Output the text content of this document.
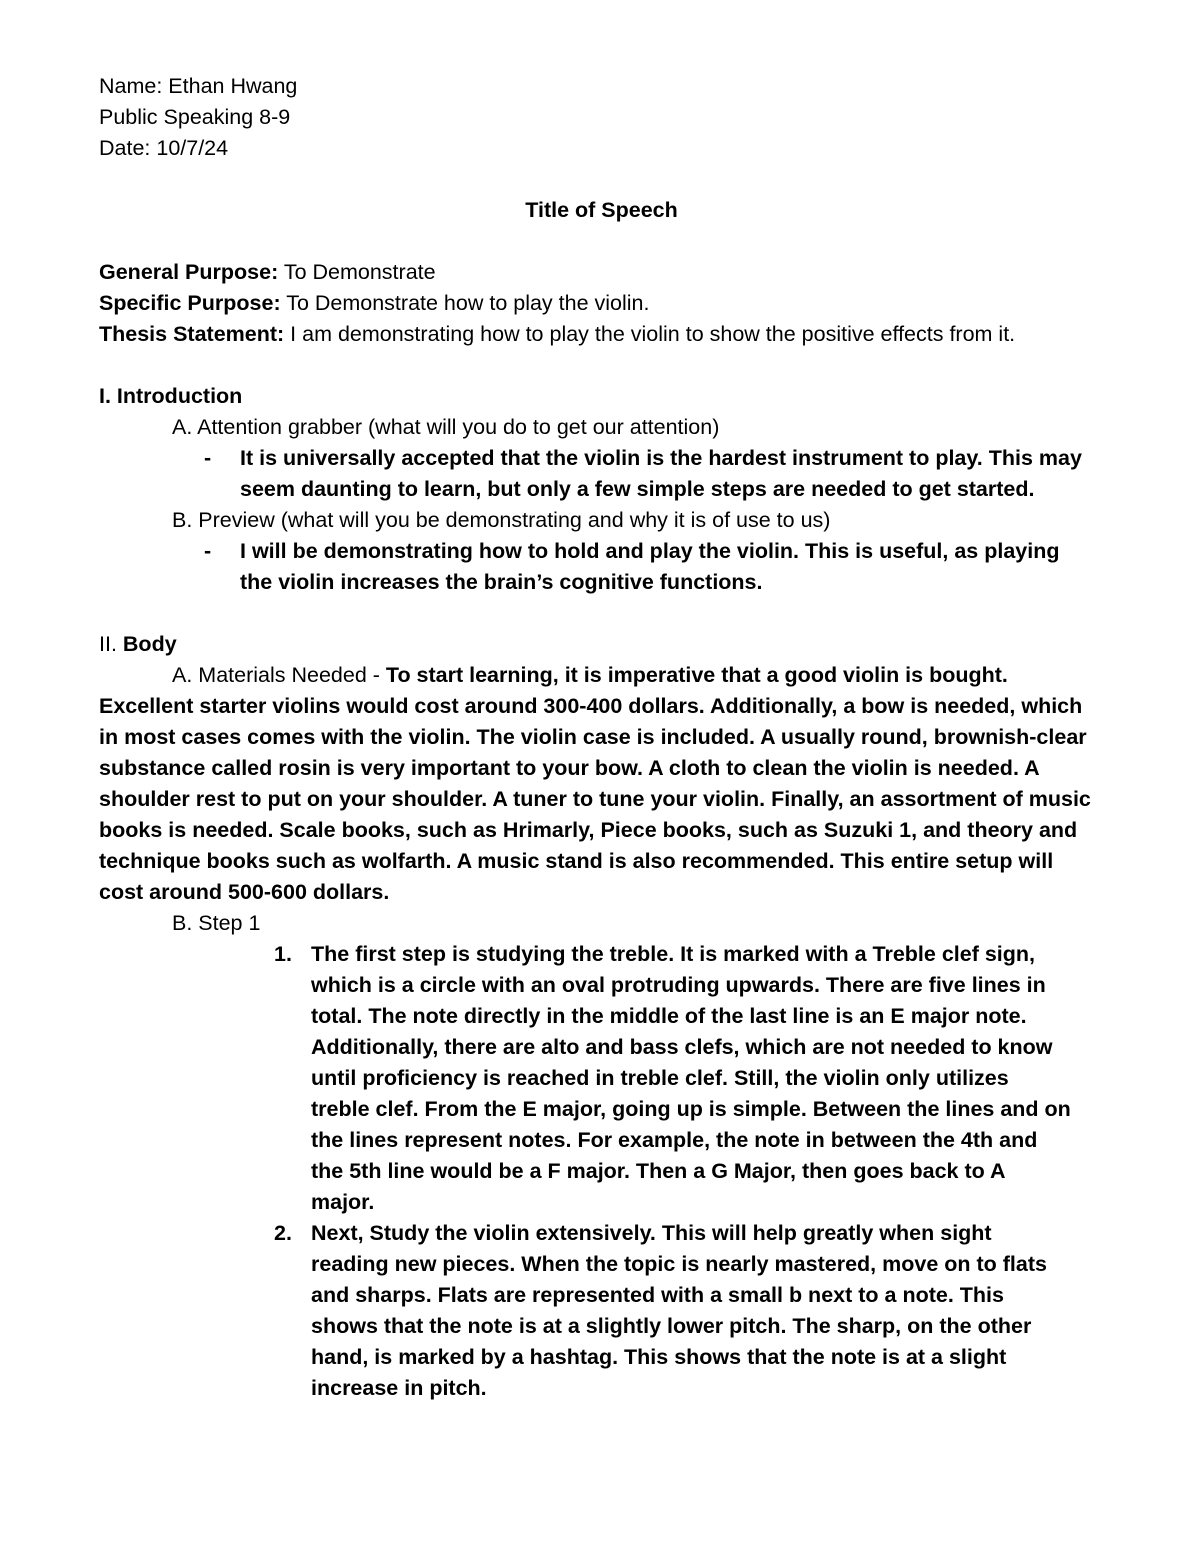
Name: Ethan Hwang
Public Speaking 8-9
Date: 10/7/24
Title of Speech
General Purpose: To Demonstrate
Specific Purpose: To Demonstrate how to play the violin.
Thesis Statement: I am demonstrating how to play the violin to show the positive effects from it.
I. Introduction
A. Attention grabber (what will you do to get our attention)
- It is universally accepted that the violin is the hardest instrument to play. This may seem daunting to learn, but only a few simple steps are needed to get started.
B. Preview (what will you be demonstrating and why it is of use to us)
- I will be demonstrating how to hold and play the violin. This is useful, as playing the violin increases the brain’s cognitive functions.
II. Body
A. Materials Needed - To start learning, it is imperative that a good violin is bought. Excellent starter violins would cost around 300-400 dollars. Additionally, a bow is needed, which in most cases comes with the violin. The violin case is included. A usually round, brownish-clear substance called rosin is very important to your bow. A cloth to clean the violin is needed. A shoulder rest to put on your shoulder. A tuner to tune your violin. Finally, an assortment of music books is needed. Scale books, such as Hrimarly, Piece books, such as Suzuki 1, and theory and technique books such as wolfarth. A music stand is also recommended. This entire setup will cost around 500-600 dollars.
B. Step 1
1. The first step is studying the treble. It is marked with a Treble clef sign, which is a circle with an oval protruding upwards. There are five lines in total. The note directly in the middle of the last line is an E major note. Additionally, there are alto and bass clefs, which are not needed to know until proficiency is reached in treble clef. Still, the violin only utilizes treble clef. From the E major, going up is simple. Between the lines and on the lines represent notes. For example, the note in between the 4th and the 5th line would be a F major. Then a G Major, then goes back to A major.
2. Next, Study the violin extensively. This will help greatly when sight reading new pieces. When the topic is nearly mastered, move on to flats and sharps. Flats are represented with a small b next to a note. This shows that the note is at a slightly lower pitch. The sharp, on the other hand, is marked by a hashtag. This shows that the note is at a slight increase in pitch.
